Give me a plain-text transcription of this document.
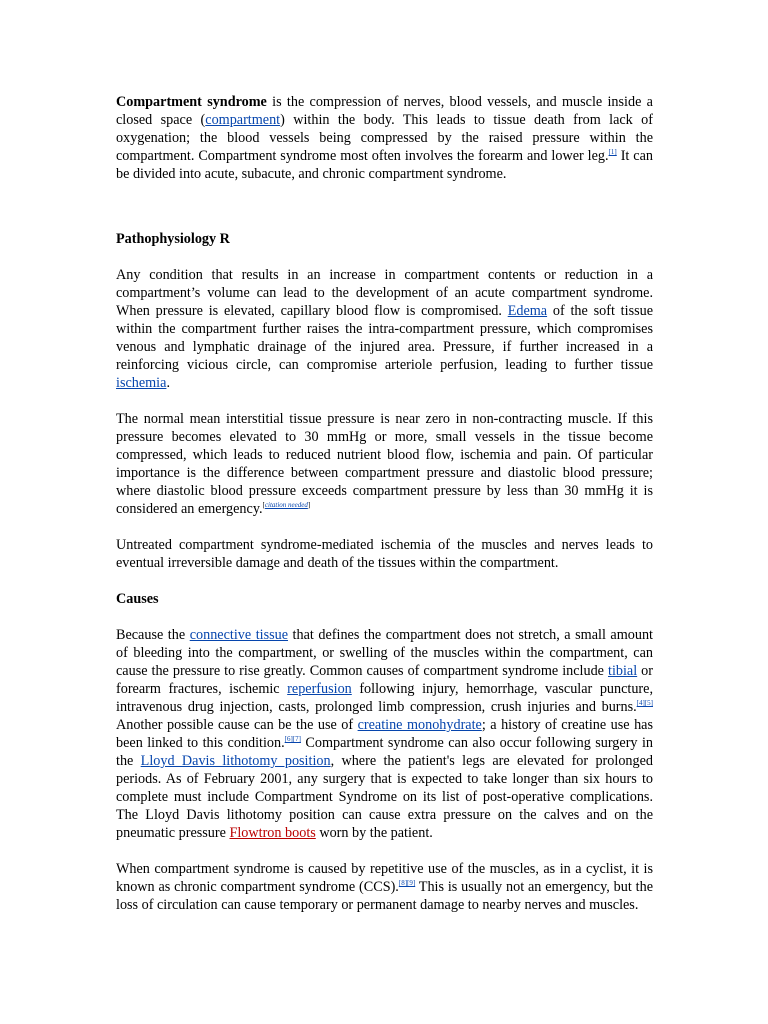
Compartment syndrome is the compression of nerves, blood vessels, and muscle inside a closed space (compartment) within the body. This leads to tissue death from lack of oxygenation; the blood vessels being compressed by the raised pressure within the compartment. Compartment syndrome most often involves the forearm and lower leg.[1] It can be divided into acute, subacute, and chronic compartment syndrome.

Pathophysiology R

Any condition that results in an increase in compartment contents or reduction in a compartment’s volume can lead to the development of an acute compartment syndrome. When pressure is elevated, capillary blood flow is compromised. Edema of the soft tissue within the compartment further raises the intra-compartment pressure, which compromises venous and lymphatic drainage of the injured area. Pressure, if further increased in a reinforcing vicious circle, can compromise arteriole perfusion, leading to further tissue ischemia.

The normal mean interstitial tissue pressure is near zero in non-contracting muscle. If this pressure becomes elevated to 30 mmHg or more, small vessels in the tissue become compressed, which leads to reduced nutrient blood flow, ischemia and pain. Of particular importance is the difference between compartment pressure and diastolic blood pressure; where diastolic blood pressure exceeds compartment pressure by less than 30 mmHg it is considered an emergency.[citation needed]

Untreated compartment syndrome-mediated ischemia of the muscles and nerves leads to eventual irreversible damage and death of the tissues within the compartment.

Causes

Because the connective tissue that defines the compartment does not stretch, a small amount of bleeding into the compartment, or swelling of the muscles within the compartment, can cause the pressure to rise greatly. Common causes of compartment syndrome include tibial or forearm fractures, ischemic reperfusion following injury, hemorrhage, vascular puncture, intravenous drug injection, casts, prolonged limb compression, crush injuries and burns.[4][5] Another possible cause can be the use of creatine monohydrate; a history of creatine use has been linked to this condition.[6][7] Compartment syndrome can also occur following surgery in the Lloyd Davis lithotomy position, where the patient's legs are elevated for prolonged periods. As of February 2001, any surgery that is expected to take longer than six hours to complete must include Compartment Syndrome on its list of post-operative complications. The Lloyd Davis lithotomy position can cause extra pressure on the calves and on the pneumatic pressure Flowtron boots worn by the patient.

When compartment syndrome is caused by repetitive use of the muscles, as in a cyclist, it is known as chronic compartment syndrome (CCS).[8][9] This is usually not an emergency, but the loss of circulation can cause temporary or permanent damage to nearby nerves and muscles.
